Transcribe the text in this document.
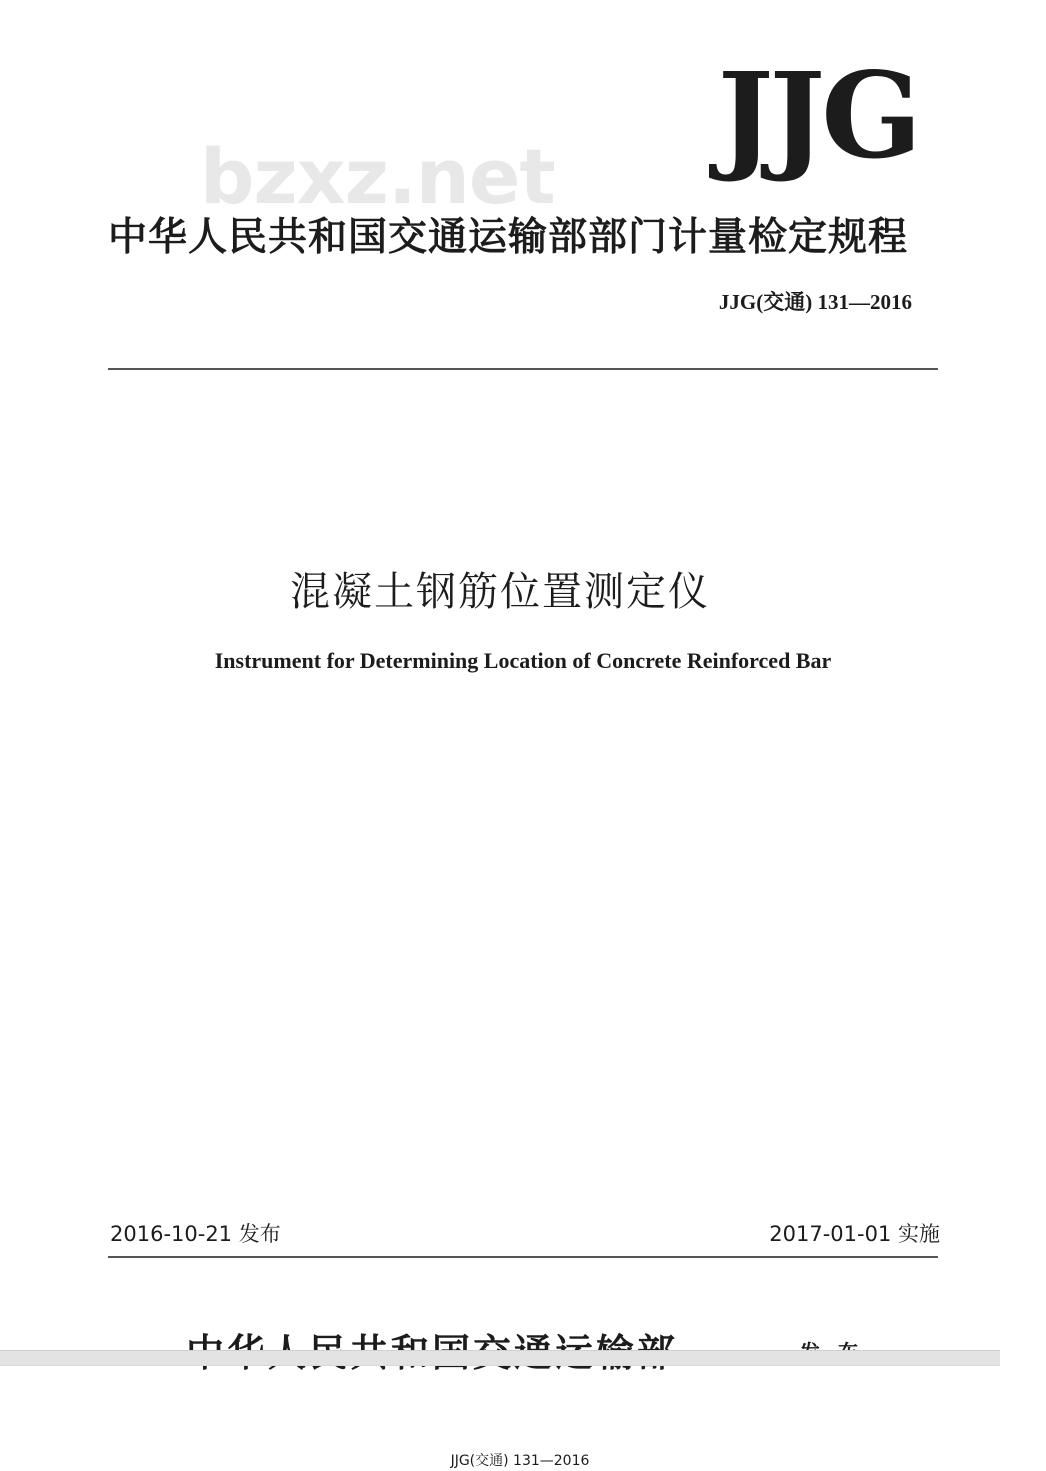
JJG
bzxz.net
中华人民共和国交通运输部部门计量检定规程
JJG(交通) 131—2016
混凝土钢筋位置测定仪
Instrument for Determining Location of Concrete Reinforced Bar
2016-10-21 发布	2017-01-01 实施
JJG(交通) 131—2016
